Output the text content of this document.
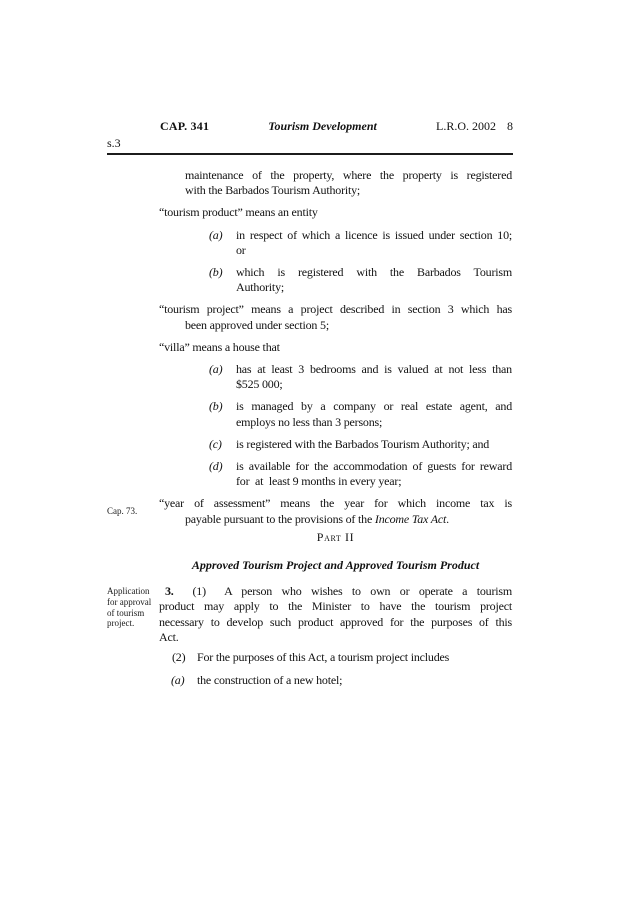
CAP. 341	Tourism Development	L.R.O. 2002 8
s.3
Cap. 73.
Application
for approval
of tourism
project.
maintenance of the property, where the property is registered
with the Barbados Tourism Authority;
“tourism product” means an entity
(a) in respect of which a licence is issued under section 10;
or
(b) which is registered with the Barbados Tourism
Authority;
“tourism project” means a project described in section 3 which has
been approved under section 5;
“villa” means a house that
(a) has at least 3 bedrooms and is valued at not less than
$525 000;
(b) is managed by a company or real estate agent, and
employs no less than 3 persons;
(c) is registered with the Barbados Tourism Authority; and
(d) is available for the accommodation of guests for reward
for  at  least 9 months in every year;
“year of assessment” means the year for which income tax is
payable pursuant to the provisions of the Income Tax Act.
Part II
Approved Tourism Project and Approved Tourism Product
3.  (1)  A person who wishes to own or operate a tourism
product may apply to the Minister to have the tourism project
necessary to develop such product approved for the purposes of this
Act.
(2) For the purposes of this Act, a tourism project includes
(a) the construction of a new hotel;
